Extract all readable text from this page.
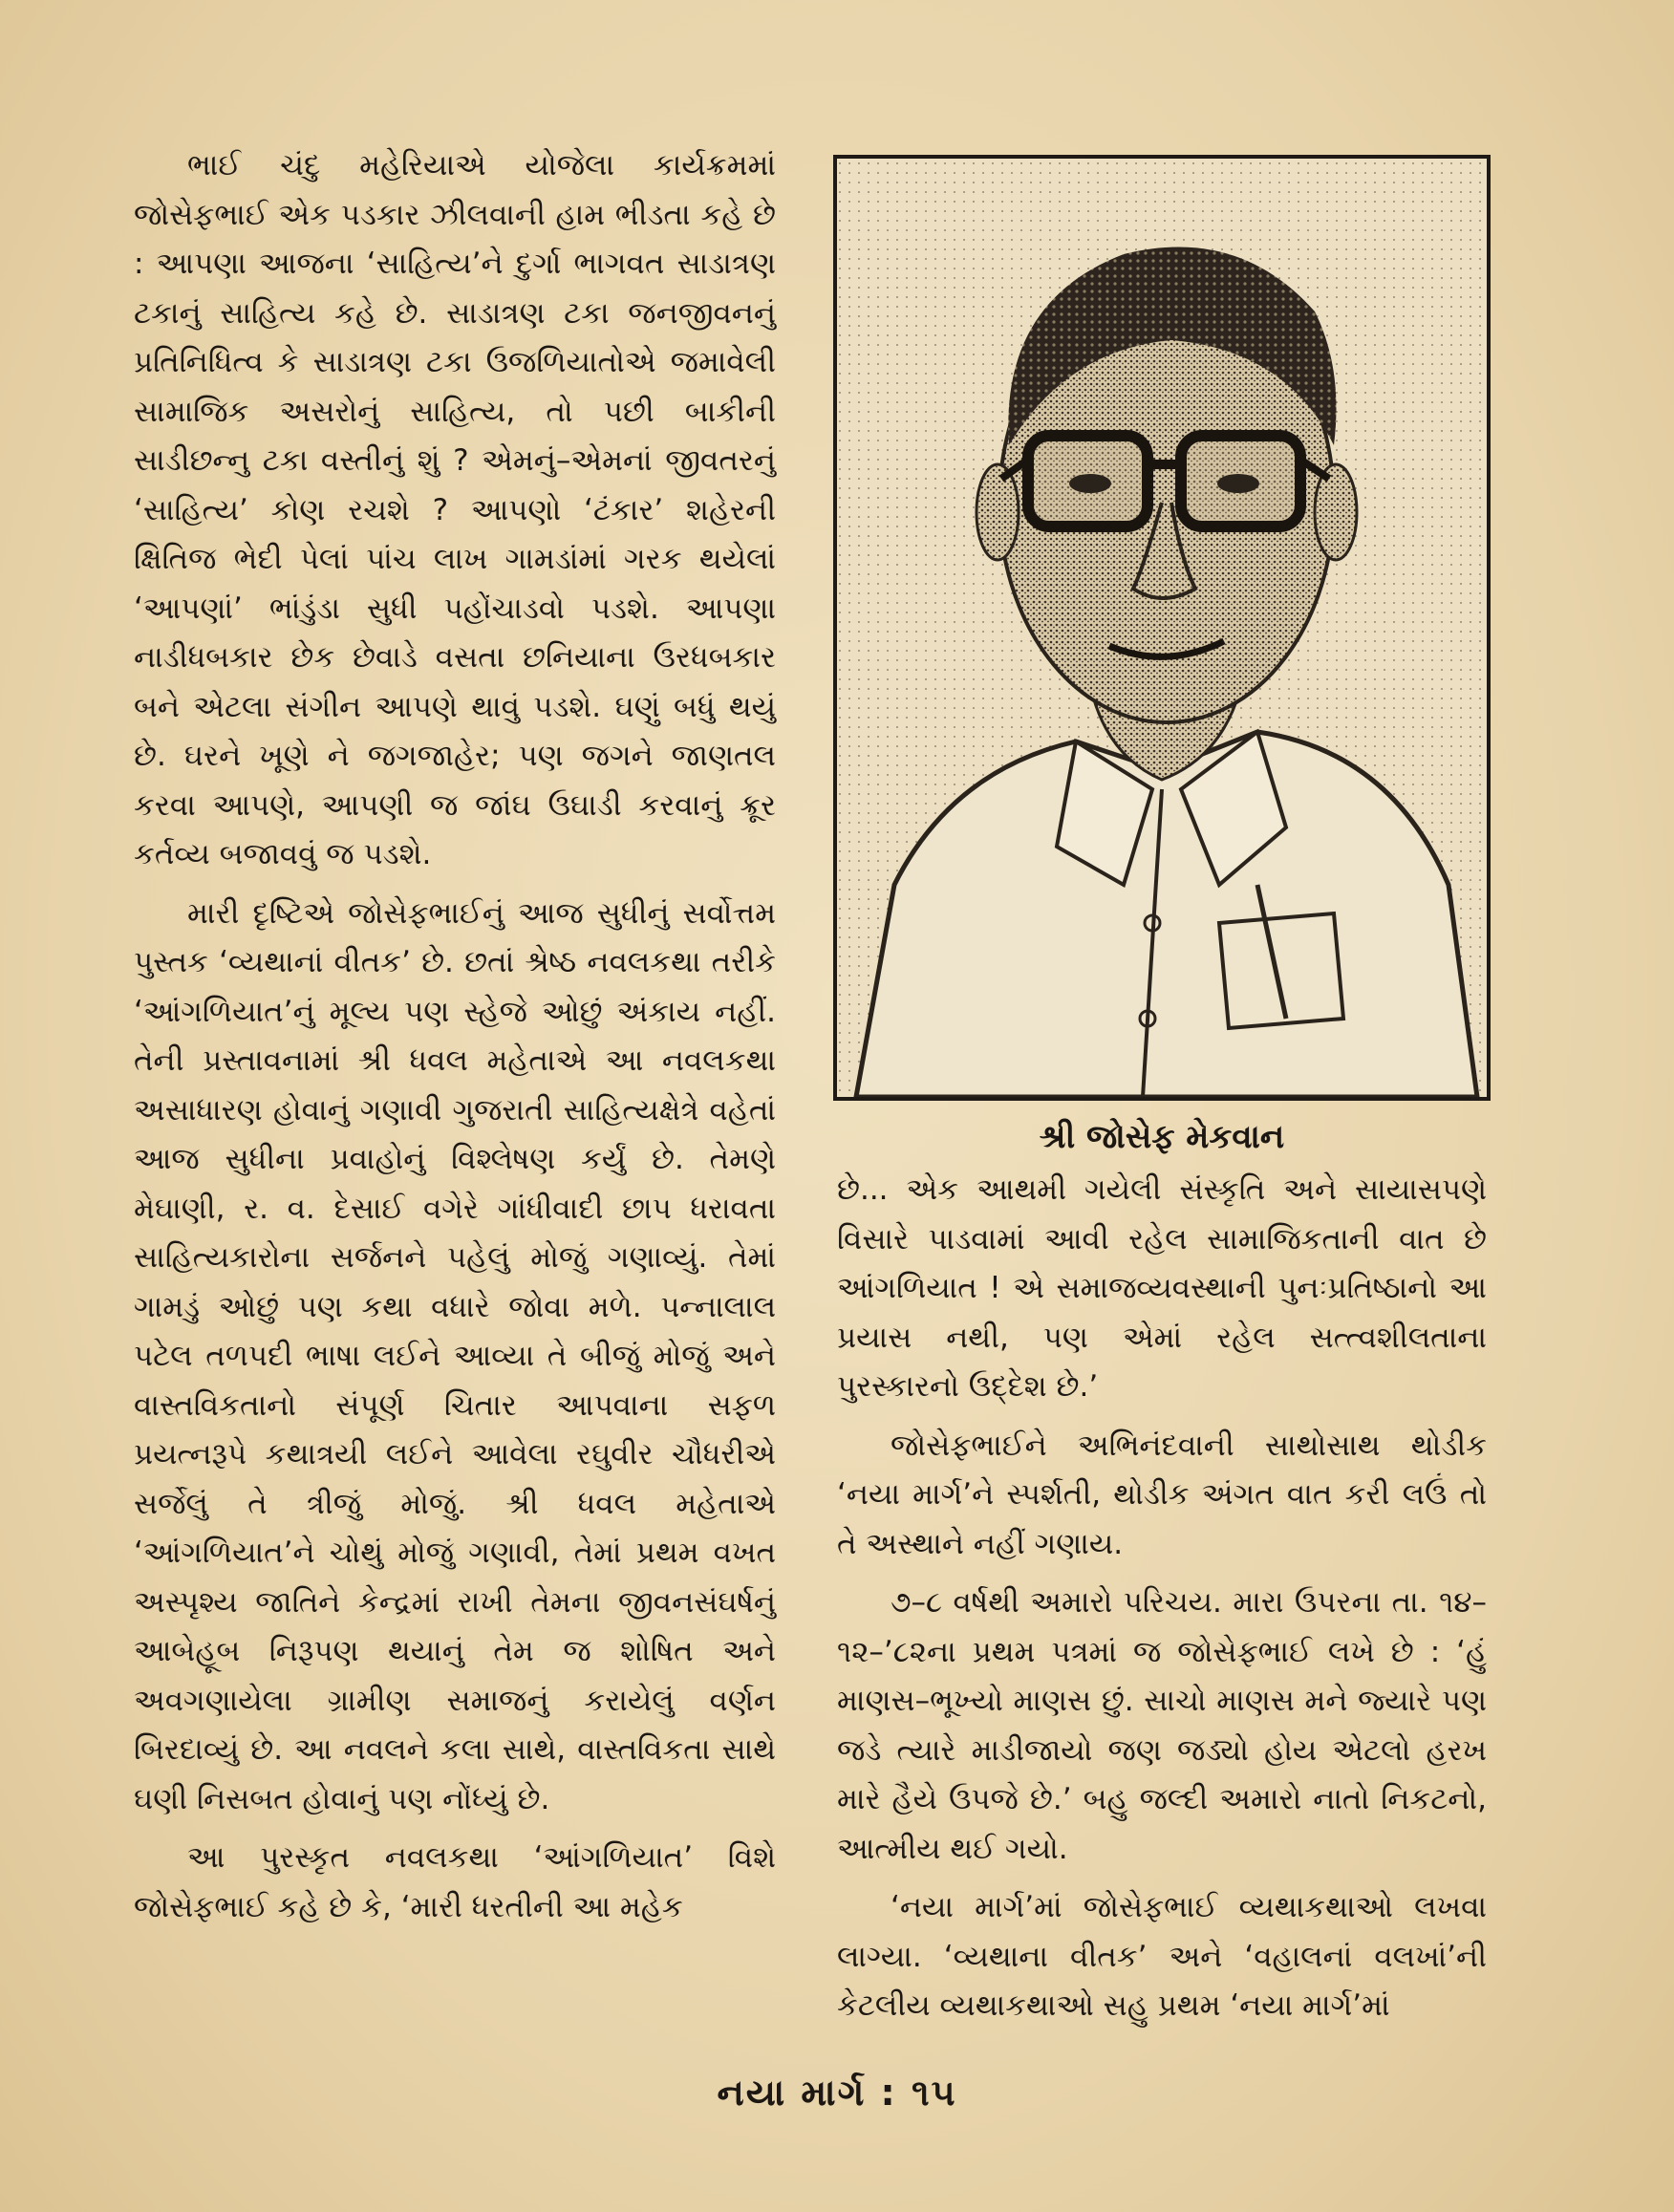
ભાઈ ચંદુ મહેરિયાએ યોજેલા કાર્યક્રમમાં જોસેફભાઈ એક પડકાર ઝીલવાની હામ ભીડતા કહે છે : આપણા આજના ‘સાહિત્ય’ને દુર્ગા ભાગવત સાડાત્રણ ટકાનું સાહિત્ય કહે છે. સાડાત્રણ ટકા જનજીવનનું પ્રતિનિધિત્વ કે સાડાત્રણ ટકા ઉજળિયાતોએ જમાવેલી સામાજિક અસરોનું સાહિત્ય, તો પછી બાકીની સાડીછન્નુ ટકા વસ્તીનું શું ? એમનું–એમનાં જીવતરનું ‘સાહિત્ય’ કોણ રચશે ? આપણો ‘ટંકાર’ શહેરની ક્ષિતિજ ભેદી પેલાં પાંચ લાખ ગામડાંમાં ગરક થયેલાં ‘આપણાં’ ભાંડુંડા સુધી પહોંચાડવો પડશે. આપણા નાડીધબકાર છેક છેવાડે વસતા છનિયાના ઉરધબકાર બને એટલા સંગીન આપણે થાવું પડશે. ઘણું બધું થયું છે. ઘરને ખૂણે ને જગજાહેર; પણ જગને જાણતલ કરવા આપણે, આપણી જ જાંઘ ઉઘાડી કરવાનું ક્રૂર કર્તવ્ય બજાવવું જ પડશે.

મારી દૃષ્ટિએ જોસેફભાઈનું આજ સુધીનું સર્વોત્તમ પુસ્તક ‘વ્યથાનાં વીતક’ છે. છતાં શ્રેષ્ઠ નવલકથા તરીકે ‘આંગળિયાત’નું મૂલ્ય પણ સ્હેજે ઓછું અંકાય નહીં. તેની પ્રસ્તાવનામાં શ્રી ધવલ મહેતાએ આ નવલકથા અસાધારણ હોવાનું ગણાવી ગુજરાતી સાહિત્યક્ષેત્રે વહેતાં આજ સુધીના પ્રવાહોનું વિશ્લેષણ કર્યું છે. તેમણે મેઘાણી, ર. વ. દેસાઈ વગેરે ગાંધીવાદી છાપ ધરાવતા સાહિત્યકારોના સર્જનને પહેલું મોજું ગણાવ્યું. તેમાં ગામડું ઓછું પણ કથા વધારે જોવા મળે. પન્નાલાલ પટેલ તળપદી ભાષા લઈને આવ્યા તે બીજું મોજું અને વાસ્તવિકતાનો સંપૂર્ણ ચિતાર આપવાના સફળ પ્રયત્નરૂપે કથાત્રયી લઈને આવેલા રઘુવીર ચૌધરીએ સર્જેલું તે ત્રીજું મોજું. શ્રી ધવલ મહેતાએ ‘આંગળિયાત’ને ચોથું મોજું ગણાવી, તેમાં પ્રથમ વખત અસ્પૃશ્ય જાતિને કેન્દ્રમાં રાખી તેમના જીવનસંઘર્ષનું આબેહૂબ નિરૂપણ થયાનું તેમ જ શોષિત અને અવગણાયેલા ગ્રામીણ સમાજનું કરાયેલું વર્ણન બિરદાવ્યું છે. આ નવલને કલા સાથે, વાસ્તવિકતા સાથે ઘણી નિસબત હોવાનું પણ નોંધ્યું છે.

આ પુરસ્કૃત નવલકથા ‘આંગળિયાત’ વિશે જોસેફભાઈ કહે છે કે, ‘મારી ધરતીની આ મહેક

શ્રી જોસેફ મેકવાન

છે... એક આથમી ગયેલી સંસ્કૃતિ અને સાયાસપણે વિસારે પાડવામાં આવી રહેલ સામાજિકતાની વાત છે આંગળિયાત ! એ સમાજવ્યવસ્થાની પુનઃપ્રતિષ્ઠાનો આ પ્રયાસ નથી, પણ એમાં રહેલ સત્ત્વશીલતાના પુરસ્કારનો ઉદ્દેશ છે.’

જોસેફભાઈને અભિનંદવાની સાથોસાથ થોડીક ‘નયા માર્ગ’ને સ્પર્શતી, થોડીક અંગત વાત કરી લઉં તો તે અસ્થાને નહીં ગણાય.

૭–૮ વર્ષથી અમારો પરિચય. મારા ઉપરના તા. ૧૪–૧૨–’૮૨ના પ્રથમ પત્રમાં જ જોસેફભાઈ લખે છે : ‘હું માણસ–ભૂખ્યો માણસ છું. સાચો માણસ મને જ્યારે પણ જડે ત્યારે માડીજાયો જણ જડ્યો હોય એટલો હરખ મારે હૈયે ઉપજે છે.’ બહુ જલ્દી અમારો નાતો નિકટનો, આત્મીય થઈ ગયો.

‘નયા માર્ગ’માં જોસેફભાઈ વ્યથાકથાઓ લખવા લાગ્યા. ‘વ્યથાના વીતક’ અને ‘વહાલનાં વલખાં’ની કેટલીય વ્યથાકથાઓ સહુ પ્રથમ ‘નયા માર્ગ’માં

નયા માર્ગ : ૧૫
